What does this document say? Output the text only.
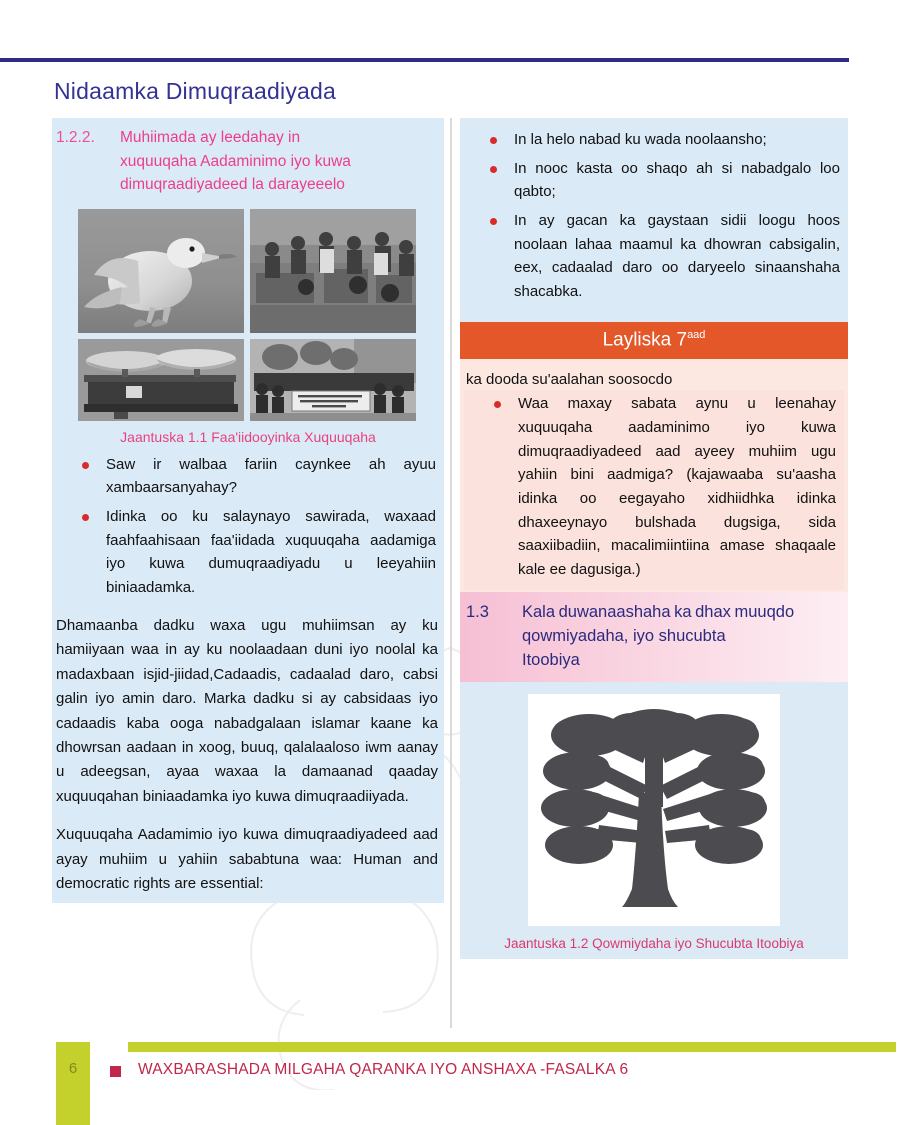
Nidaamka Dimuqraadiyada
1.2.2.	Muhiimada ay leedahay in
xuquuqaha Aadaminimo iyo kuwa
dimuqraadiyadeed la darayeeelo
Jaantuska 1.1 Faa'iidooyinka Xuquuqaha
Saw ir walbaa fariin caynkee ah ayuu xambaarsanyahay?
Idinka oo ku salaynayo sawirada, waxaad faahfaahisaan faa'iidada xuquuqaha aadamiga iyo kuwa dumuqraadiyadu u leeyahiin biniaadamka.
Dhamaanba dadku waxa ugu muhiimsan ay ku hamiiyaan waa in ay ku noolaadaan duni iyo noolal ka madaxbaan isjid-jiidad,Cadaadis, cadaalad daro, cabsi galin iyo amin daro. Marka dadku si ay cabsidaas iyo cadaadis kaba ooga nabadgalaan islamar kaane ka dhowrsan aadaan in xoog, buuq, qalalaaloso iwm aanay u adeegsan, ayaa waxaa la damaanad qaaday xuquuqahan biniaadamka iyo kuwa dimuqraadiiyada.
Xuquuqaha Aadamimio iyo kuwa dimuqraadiyadeed aad ayay muhiim u yahiin sababtuna waa: Human and democratic rights are essential:
In la helo nabad ku wada noolaansho;
In nooc kasta oo shaqo ah si nabadgalo loo qabto;
In ay gacan ka gaystaan sidii loogu hoos noolaan lahaa maamul ka dhowran cabsigalin, eex, cadaalad daro oo daryeelo sinaanshaha shacabka.
Layliska $7^{aad}$
ka dooda su'aalahan soosocdo
Waa maxay sabata aynu u leenahay xuquuqaha aadaminimo iyo kuwa dimuqraadiyadeed aad ayeey muhiim ugu yahiin bini aadmiga? (kajawaaba su'aasha idinka oo eegayaho xidhiidhka idinka dhaxeeynayo bulshada dugsiga, sida saaxiibadiin, macalimiintiina amase shaqaale kale ee dagusiga.)
1.3	Kala duwanaashaha ka dhax muuqdo
qowmiyadaha, iyo shucubta
Itoobiya
Jaantuska 1.2 Qowmiydaha iyo Shucubta Itoobiya
6	WAXBARASHADA MILGAHA QARANKA IYO ANSHAXA -FASALKA 6
